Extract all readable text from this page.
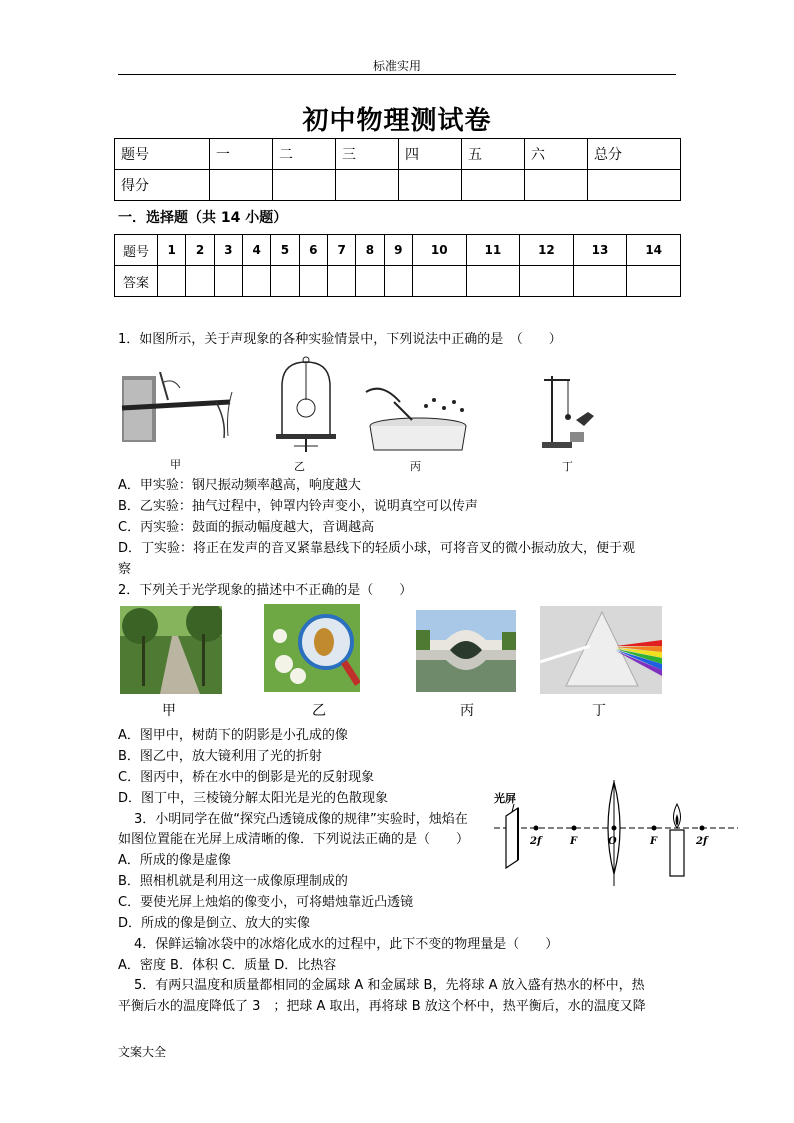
标准实用
初中物理测试卷
题号	一	二	三	四	五	六	总分
得分							
一．选择题（共 14 小题）
题号	1	2	3	4	5	6	7	8	9	10	11	12	13	14
答案														
1．如图所示，关于声现象的各种实验情景中，下列说法中正确的是　（　　）
甲	乙	丙	丁
A．甲实验：钢尺振动频率越高，响度越大
B．乙实验：抽气过程中，钟罩内铃声变小，说明真空可以传声
C．丙实验：鼓面的振动幅度越大，音调越高
D．丁实验：将正在发声的音叉紧靠悬线下的轻质小球，可将音叉的微小振动放大，便于观
察
2．下列关于光学现象的描述中不正确的是（　　）
甲	乙	丙	丁
A．图甲中，树荫下的阴影是小孔成的像
B．图乙中，放大镜利用了光的折射
C．图丙中，桥在水中的倒影是光的反射现象
D．图丁中，三棱镜分解太阳光是光的色散现象
3．小明同学在做“探究凸透镜成像的规律”实验时，烛焰在
如图位置能在光屏上成清晰的像．下列说法正确的是（　　）
光屏
2f	F	O	F	2f
A．所成的像是虚像
B．照相机就是利用这一成像原理制成的
C．要使光屏上烛焰的像变小，可将蜡烛靠近凸透镜
D．所成的像是倒立、放大的实像
4．保鲜运输冰袋中的冰熔化成水的过程中，此下不变的物理量是（　　）
A．密度 B．体积 C．质量 D．比热容
5．有两只温度和质量都相同的金属球 A 和金属球 B，先将球 A 放入盛有热水的杯中，热
平衡后水的温度降低了 3　；把球 A 取出，再将球 B 放这个杯中，热平衡后，水的温度又降
文案大全
